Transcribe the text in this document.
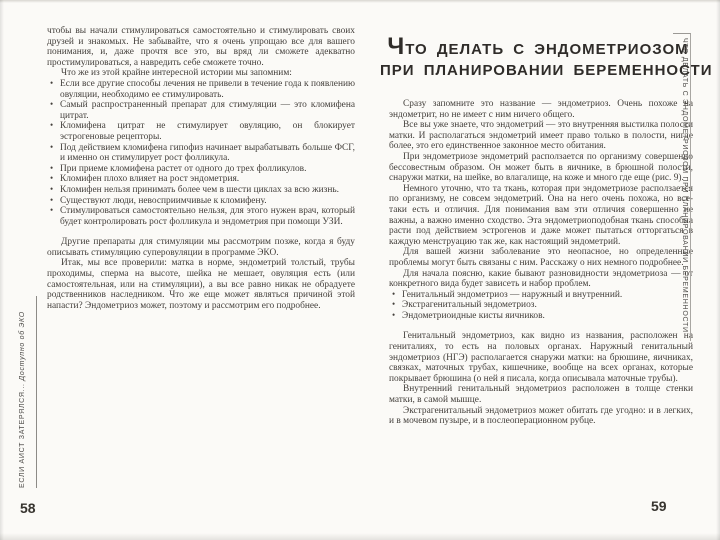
чтобы вы начали стимулироваться самостоятельно и стимулировать своих друзей и знакомых. Не забывайте, что я очень упрощаю все для вашего понимания, и, даже прочтя все это, вы вряд ли сможете адекватно простимулироваться, а навредить себе сможете точно.

Что же из этой крайне интересной истории мы запомним:

• Если все другие способы лечения не привели в течение года к появлению овуляции, необходимо ее стимулировать.
• Самый распространенный препарат для стимуляции — это кломифена цитрат.
• Кломифена цитрат не стимулирует овуляцию, он блокирует эстрогеновые рецепторы.
• Под действием кломифена гипофиз начинает вырабатывать больше ФСГ, и именно он стимулирует рост фолликула.
• При приеме кломифена растет от одного до трех фолликулов.
• Кломифен плохо влияет на рост эндометрия.
• Кломифен нельзя принимать более чем в шести циклах за всю жизнь.
• Существуют люди, невосприимчивые к кломифену.
• Стимулироваться самостоятельно нельзя, для этого нужен врач, который будет контролировать рост фолликула и эндометрия при помощи УЗИ.

Другие препараты для стимуляции мы рассмотрим позже, когда я буду описывать стимуляцию суперовуляции в программе ЭКО.

Итак, мы все проверили: матка в норме, эндометрий толстый, трубы проходимы, сперма на высоте, шейка не мешает, овуляция есть (или самостоятельная, или на стимуляции), а вы все равно никак не обрадуете родственников наследником. Что же еще может являться причиной этой напасти? Эндометриоз может, поэтому и рассмотрим его подробнее.

ЕСЛИ АИСТ ЗАТЕРЯЛСЯ... Доступно об ЭКО
58
ЧТО ДЕЛАТЬ С ЭНДОМЕТРИОЗОМ
ПРИ ПЛАНИРОВАНИИ БЕРЕМЕННОСТИ

Сразу запомните это название — эндометриоз. Очень похоже на эндометрит, но не имеет с ним ничего общего.

Все вы уже знаете, что эндометрий — это внутренняя выстилка полости матки. И располагаться эндометрий имеет право только в полости, нигде более, это его единственное законное место обитания.

При эндометриозе эндометрий расползается по организму совершенно бессовестным образом. Он может быть в яичнике, в брюшной полости, снаружи матки, на шейке, во влагалище, на коже и много где еще (рис. 9).

Немного уточню, что та ткань, которая при эндометриозе расползается по организму, не совсем эндометрий. Она на него очень похожа, но все-таки есть и отличия. Для понимания вам эти отличия совершенно не важны, а важно именно сходство. Эта эндометриоподобная ткань способна расти под действием эстрогенов и даже может пытаться отторгаться в каждую менструацию так же, как настоящий эндометрий.

Для вашей жизни заболевание это неопасное, но определенные проблемы могут быть связаны с ним. Расскажу о них немного подробнее.

Для начала поясню, какие бывают разновидности эндометриоза — от конкретного вида будет зависеть и набор проблем.

• Генитальный эндометриоз — наружный и внутренний.
• Экстрагенитальный эндометриоз.
• Эндометриоидные кисты яичников.

Генитальный эндометриоз, как видно из названия, расположен на гениталиях, то есть на половых органах. Наружный генитальный эндометриоз (НГЭ) располагается снаружи матки: на брюшине, яичниках, связках, маточных трубах, кишечнике, вообще на всех органах, которые покрывает брюшина (о ней я писала, когда описывала маточные трубы).

Внутренний генитальный эндометриоз расположен в толще стенки матки, в самой мышце.

Экстрагенитальный эндометриоз может обитать где угодно: и в легких, и в мочевом пузыре, и в послеоперационном рубце.

ЧТО ДЕЛАТЬ С ЭНДОМЕТРИОЗОМ ПРИ ПЛАНИРОВАНИИ БЕРЕМЕННОСТИ
59
